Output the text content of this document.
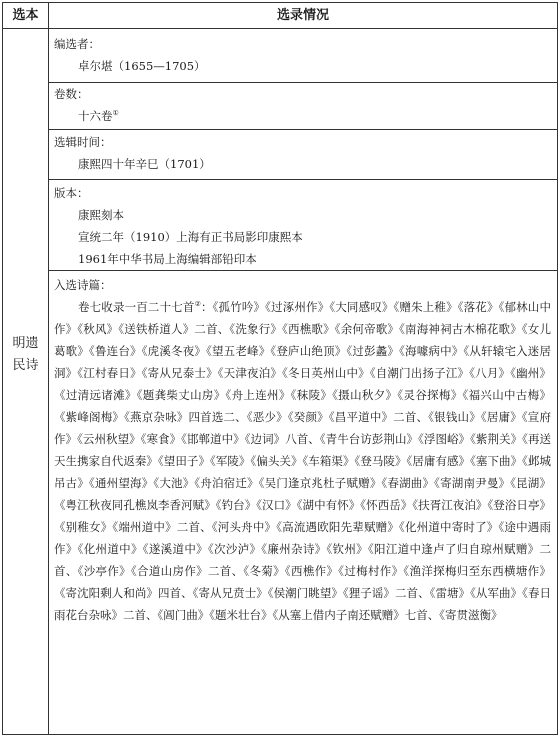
选本	选录情况
明遗
民诗
编选者：
卓尔堪（1655—1705）
卷数：
十六卷①
选辑时间：
康熙四十年辛巳（1701）
版本：
康熙刻本
宣统二年（1910）上海有正书局影印康熙本
1961年中华书局上海编辑部铅印本
入选诗篇：
卷七收录一百二十七首②：《孤竹吟》《过涿州作》《大同感叹》《赠朱上稚》《落花》《郁林山中作》《秋风》《送铁桥道人》二首、《洗象行》《西樵歌》《余何帝歌》《南海神祠古木棉花歌》《女儿葛歌》《鲁连台》《虎溪冬夜》《望五老峰》《登庐山绝顶》《过彭蠡》《海噱病中》《从轩辕宅入迷居洞》《江村春日》《寄从兄泰士》《天津夜泊》《冬日英州山中》《自潮门出扬子江》《八月》《幽州》《过清远诸滩》《题龚柴丈山房》《舟上连州》《秣陵》《摄山秋夕》《灵谷探梅》《福兴山中古梅》《紫峰阁梅》《燕京杂咏》四首选二、《恶少》《癸颜》《昌平道中》二首、《银钱山》《居庸》《宣府作》《云州秋望》《寒食》《邯郸道中》《边词》八首、《青牛台访彭荆山》《浮图峪》《紫荆关》《再送天生携家自代返秦》《望田子》《军陵》《偏头关》《车箱渠》《登马陵》《居庸有感》《塞下曲》《邺城吊古》《通州望海》《大池》《舟泊宿迁》《吴门逢京兆杜子赋赠》《春湖曲》《寄湖南尹曼》《昆湖》《粤江秋夜同孔樵岚李香河赋》《钓台》《汉口》《湖中有怀》《怀西岳》《扶胥江夜泊》《登浴日亭》《别稚女》《端州道中》二首、《河头舟中》《高流遇欧阳先辈赋赠》《化州道中寄时了》《途中遇雨作》《化州道中》《遂溪道中》《次沙泸》《廉州杂诗》《钦州》《阳江道中逢卢了归自琼州赋赠》二首、《沙亭作》《合道山房作》二首、《冬菊》《西樵作》《过梅村作》《渔洋探梅归至东西横塘作》《寄沈阳剩人和尚》四首、《寄从兄贲士》《侯潮门眺望》《狸子谣》二首、《雷塘》《从军曲》《春日雨花台杂咏》二首、《阊门曲》《题米壮台》《从塞上借内子南还赋赠》七首、《寄贯滋衡》
